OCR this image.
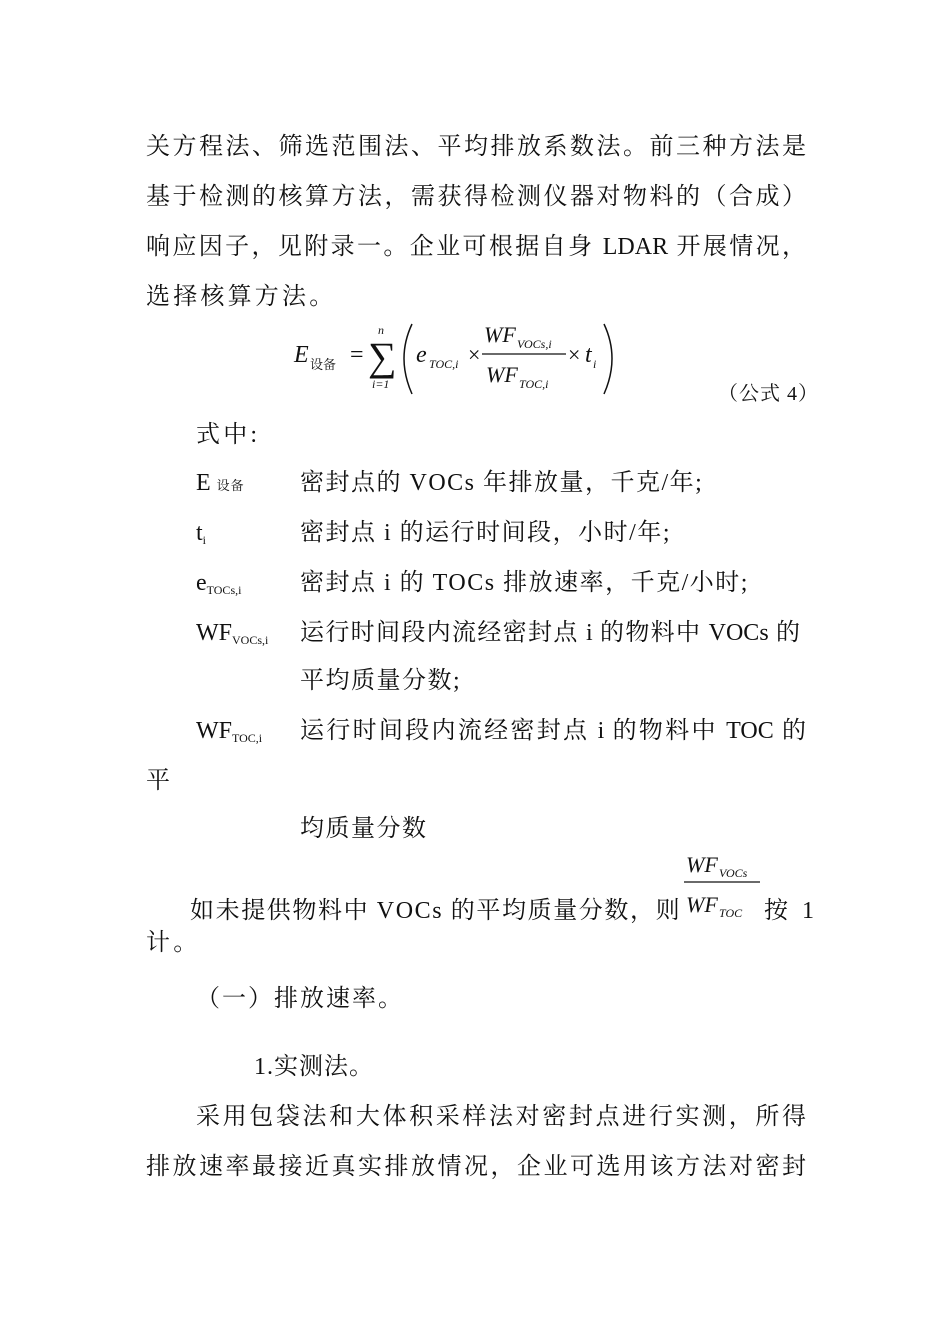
关方程法、筛选范围法、平均排放系数法。前三种方法是
基于检测的核算方法，需获得检测仪器对物料的（合成）
响应因子，见附录一。企业可根据自身 LDAR 开展情况，
选择核算方法。
E 设备 = ∑
n
i=1
e TOC,i ×
WF VOCs,i
WF TOC,i
× t i
（公式 4）
式中:
E设备 密封点的 VOCs 年排放量，千克/年;
$t_i$	密封点 i 的运行时间段，小时/年;
$e_{TOCs,i}$ 密封点 i 的 TOCs 排放速率，千克/小时;
$WF_{VOCs,i}$ 运行时间段内流经密封点 i 的物料中 VOCs 的
平均质量分数;
$WF_{TOC,i}$ 运行时间段内流经密封点 i 的物料中 TOC 的
平
均质量分数
如未提供物料中 VOCs 的平均质量分数，则
WF VOCs
WF TOC 按 1
计。
（一）排放速率。
1.实测法。
采用包袋法和大体积采样法对密封点进行实测，所得
排放速率最接近真实排放情况，企业可选用该方法对密封
